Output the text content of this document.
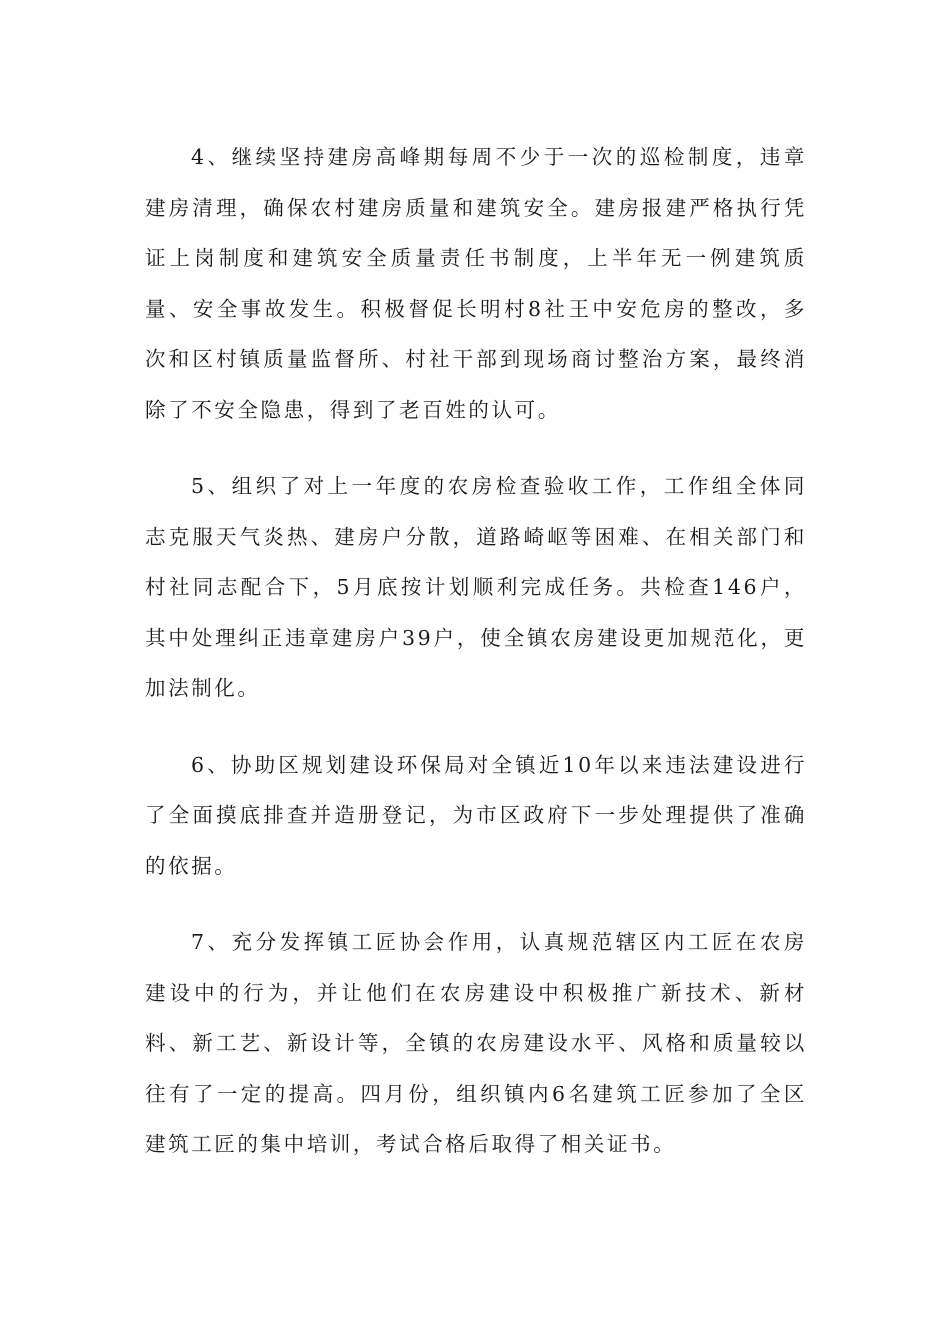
4、继续坚持建房高峰期每周不少于一次的巡检制度，违章建房清理，确保农村建房质量和建筑安全。建房报建严格执行凭证上岗制度和建筑安全质量责任书制度，上半年无一例建筑质量、安全事故发生。积极督促长明村8社王中安危房的整改，多次和区村镇质量监督所、村社干部到现场商讨整治方案，最终消除了不安全隐患，得到了老百姓的认可。

5、组织了对上一年度的农房检查验收工作，工作组全体同志克服天气炎热、建房户分散，道路崎岖等困难、在相关部门和村社同志配合下，5月底按计划顺利完成任务。共检查146户，其中处理纠正违章建房户39户，使全镇农房建设更加规范化，更加法制化。

6、协助区规划建设环保局对全镇近10年以来违法建设进行了全面摸底排查并造册登记，为市区政府下一步处理提供了准确的依据。

7、充分发挥镇工匠协会作用，认真规范辖区内工匠在农房建设中的行为，并让他们在农房建设中积极推广新技术、新材料、新工艺、新设计等，全镇的农房建设水平、风格和质量较以往有了一定的提高。四月份，组织镇内6名建筑工匠参加了全区建筑工匠的集中培训，考试合格后取得了相关证书。
